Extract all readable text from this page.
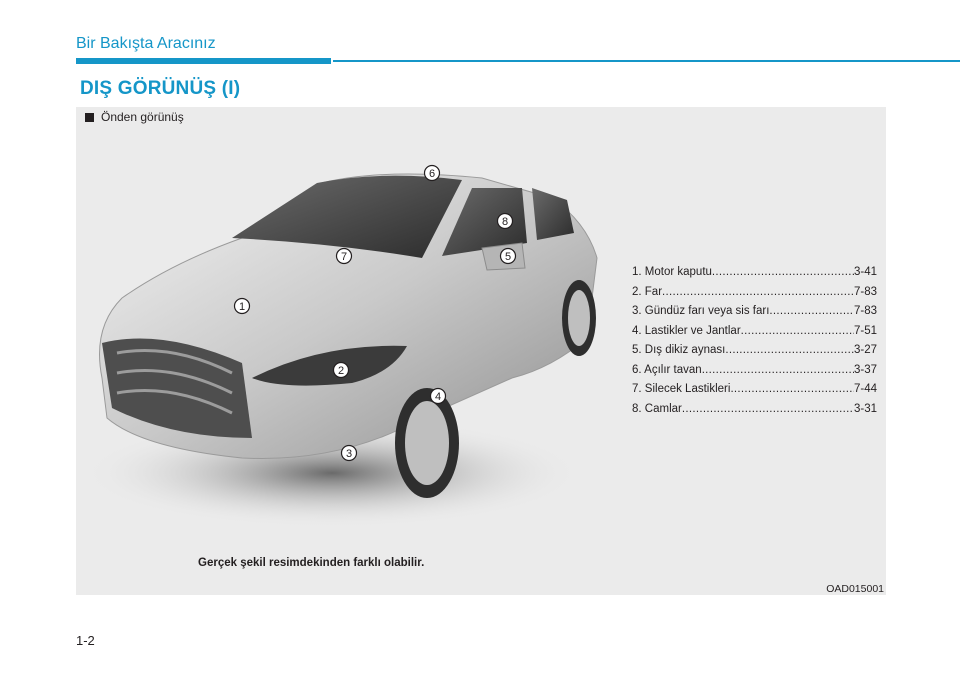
Bir Bakışta Aracınız
DIŞ GÖRÜNÜŞ (I)
Önden görünüş
1
2
3
4
5
6
7
8
1. Motor kaputu .....	3-41
2. Far .....	7-83
3. Gündüz farı veya sis farı .....	7-83
4. Lastikler ve Jantlar .....	7-51
5. Dış dikiz aynası .....	3-27
6. Açılır tavan .....	3-37
7. Silecek Lastikleri .....	7-44
8. Camlar .....	3-31
Gerçek şekil resimdekinden farklı olabilir.
OAD015001
1-2
